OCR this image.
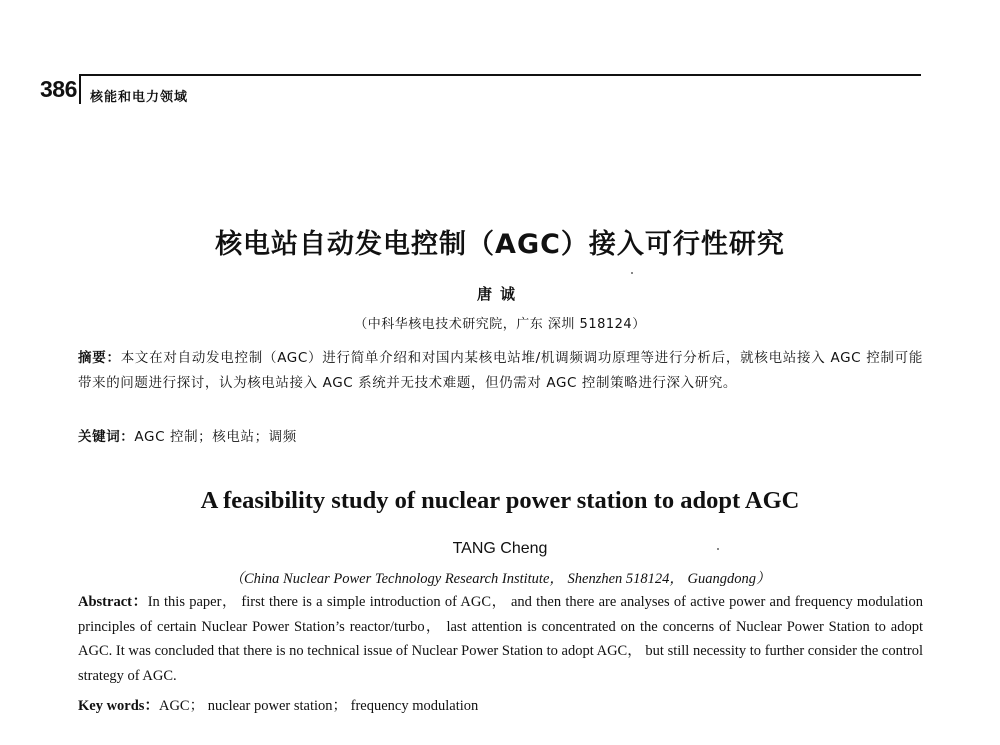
386 核能和电力领域
核电站自动发电控制（AGC）接入可行性研究
唐诚
（中科华核电技术研究院，广东 深圳 518124）
摘要：本文在对自动发电控制（AGC）进行简单介绍和对国内某核电站堆/机调频调功原理等进行分析后，就核电站接入 AGC 控制可能带来的问题进行探讨，认为核电站接入 AGC 系统并无技术难题，但仍需对 AGC 控制策略进行深入研究。
关键词：AGC 控制；核电站；调频
A feasibility study of nuclear power station to adopt AGC
TANG Cheng
（China Nuclear Power Technology Research Institute， Shenzhen 518124， Guangdong）
Abstract：In this paper， first there is a simple introduction of AGC， and then there are analyses of active power and frequency modulation principles of certain Nuclear Power Station’s reactor/turbo， last attention is concentrated on the concerns of Nuclear Power Station to adopt AGC. It was concluded that there is no technical issue of Nuclear Power Station to adopt AGC， but still necessity to further consider the control strategy of AGC.
Key words：AGC； nuclear power station； frequency modulation
